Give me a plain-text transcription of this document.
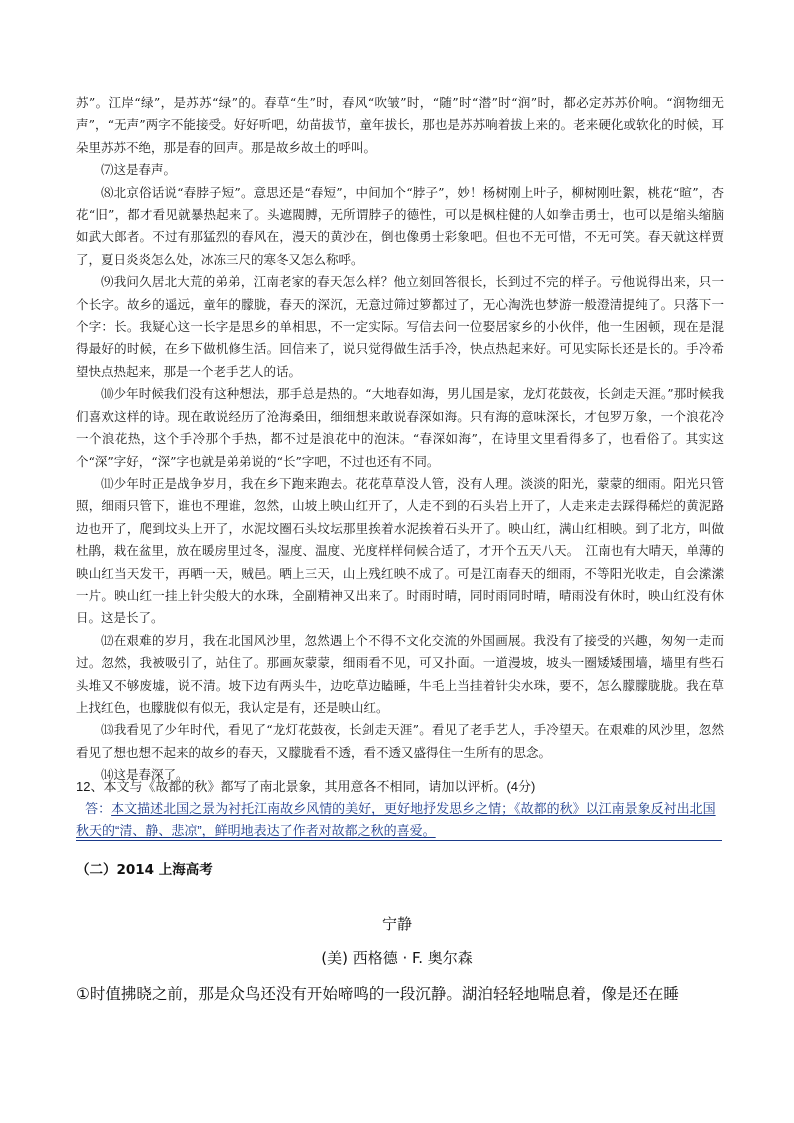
苏”。江岸“绿”，是苏苏“绿”的。春草“生”时，春风“吹皱”时，“随”时“潜”时“润”时，都必定苏苏价响。“润物细无声”，“无声”两字不能接受。好好听吧，幼苗拔节，童年拔长，那也是苏苏响着拔上来的。老来硬化或软化的时候，耳朵里苏苏不绝，那是春的回声。那是故乡故土的呼叫。

⑺这是春声。

⑻北京俗话说“春脖子短”。意思还是“春短”，中间加个“脖子”，妙！杨树刚上叶子，柳树刚吐絮，桃花“暄”，杏花“旧”，都才看见就暴热起来了。头遮閥膊，无所谓脖子的德性，可以是枫柱健的人如拳击勇士，也可以是缩头缩脑如武大郎者。不过有那猛烈的春风在，漫天的黄沙在，倒也像勇士彩象吧。但也不无可惜，不无可笑。春天就这样贾了，夏日炎炎怎么处，冰冻三尺的寒冬又怎么称呼。

⑼我问久居北大荒的弟弟，江南老家的春天怎么样？他立刻回答很长，长到过不完的样子。亏他说得出来，只一个长字。故乡的遥远，童年的朦胧，春天的深沉，无意过筛过箩都过了，无心淘洗也梦游一般澄清提纯了。只落下一个字：长。我疑心这一长字是思乡的单相思，不一定实际。写信去问一位娶居家乡的小伙伴，他一生困顿，现在是混得最好的时候，在乡下做机修生活。回信来了，说只觉得做生活手冷，快点热起来好。可见实际长还是长的。手冷希望快点热起来，那是一个老手艺人的话。

⑽少年时候我们没有这种想法，那手总是热的。“大地春如海，男儿国是家，龙灯花鼓夜，长剑走天涯。”那时候我们喜欢这样的诗。现在敢说经历了沧海桑田，细细想来敢说春深如海。只有海的意味深长，才包罗万象，一个浪花冷一个浪花热，这个手冷那个手热，都不过是浪花中的泡沫。“春深如海”，在诗里文里看得多了，也看俗了。其实这个“深”字好，“深”字也就是弟弟说的“长”字吧，不过也还有不同。

⑾少年时正是战争岁月，我在乡下跑来跑去。花花草草没人管，没有人理。淡淡的阳光，蒙蒙的细雨。阳光只管照，细雨只管下，谁也不理谁，忽然，山坡上映山红开了，人走不到的石头岩上开了，人走来走去踩得稀烂的黄泥路边也开了，爬到坟头上开了，水泥坟圈石头坟坛那里挨着水泥挨着石头开了。映山红，满山红相映。到了北方，叫做杜鹃，栽在盆里，放在暖房里过冬，湿度、温度、光度样样伺候合适了，才开个五天八天。　江南也有大晴天，单薄的映山红当天发干，再晒一天，贼邑。晒上三天，山上残红映不成了。可是江南春天的细雨，不等阳光收走，自会潆潆一片。映山红一挂上针尖般大的水珠，全副精神又出来了。时雨时晴，同时雨同时晴，晴雨没有休时，映山红没有休日。这是长了。

⑿在艰难的岁月，我在北国风沙里，忽然遇上个不得不文化交流的外国画展。我没有了接受的兴趣，匆匆一走而过。忽然，我被吸引了，站住了。那画灰蒙蒙，细雨看不见，可又扑面。一道漫坡，坡头一圈矮矮围墙，墙里有些石头堆又不够废墟，说不清。坡下边有两头牛，边吃草边瞌睡，牛毛上当挂着针尖水珠，要不，怎么朦朦胧胧。我在草上找红色，也朦胧似有似无，我认定是有，还是映山红。

⒀我看见了少年时代，看见了“龙灯花鼓夜，长剑走天涯”。看见了老手艺人，手冷望天。在艰难的风沙里，忽然看见了想也想不起来的故乡的春天，又朦胧看不透，看不透又盛得住一生所有的思念。

⒁这是春深了。

12、本文与《故都的秋》都写了南北景象，其用意各不相同，请加以评析。(4分)

答：本文描述北国之景为衬托江南故乡风情的美好，更好地抒发思乡之情；《故都的秋》以江南景象反衬出北国秋天的“清、静、悲凉”，鲜明地表达了作者对故都之秋的喜爱。

（二）2014 上海高考
宁静
(美) 西格德 · F. 奥尔森
①时值拂晓之前，那是众鸟还没有开始啼鸣的一段沉静。湖泊轻轻地喘息着，像是还在睡
